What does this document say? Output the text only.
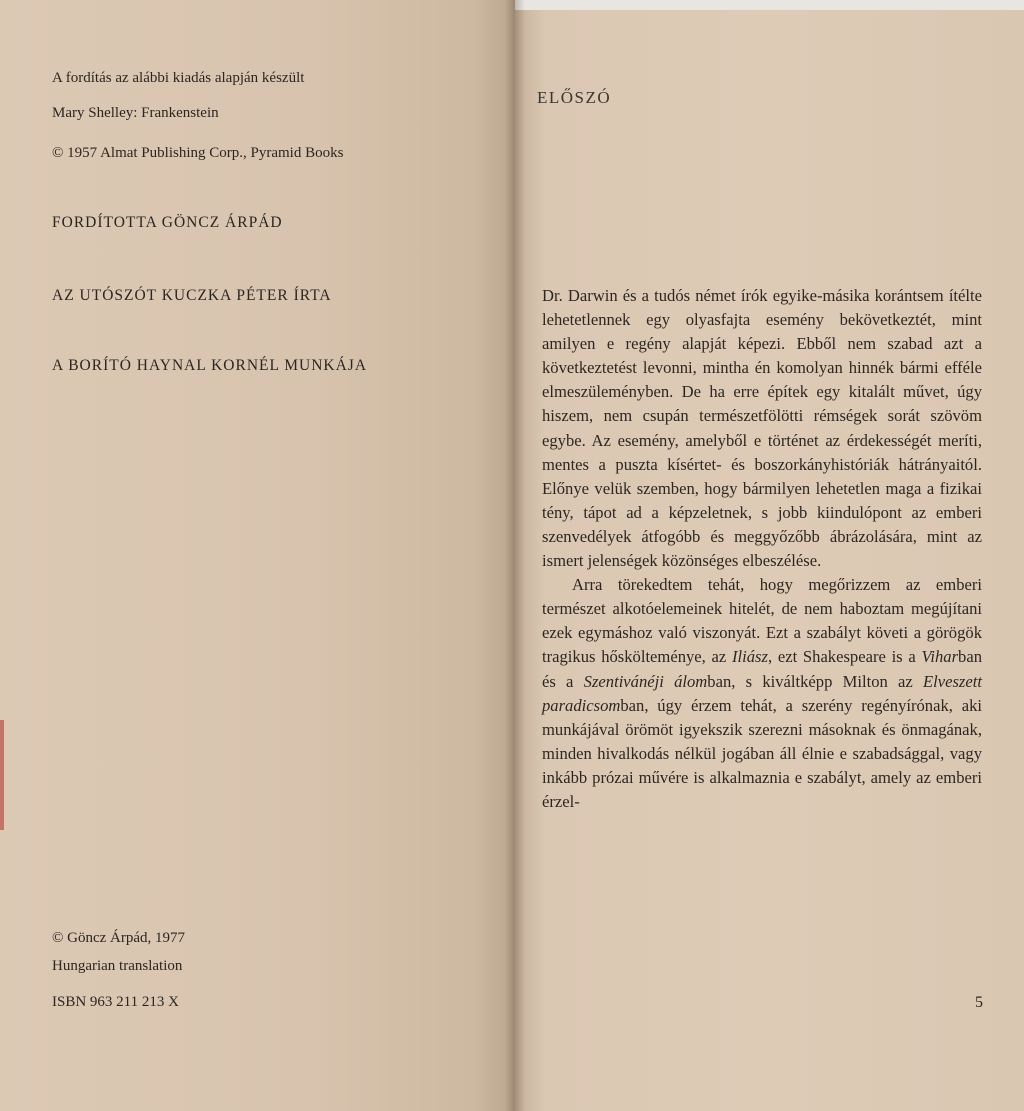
A fordítás az alábbi kiadás alapján készült
Mary Shelley: Frankenstein
© 1957 Almat Publishing Corp., Pyramid Books
FORDÍTOTTA GÖNCZ ÁRPÁD
AZ UTÓSZÓT KUCZKA PÉTER ÍRTA
A BORÍTÓ HAYNAL KORNÉL MUNKÁJA
© Göncz Árpád, 1977
Hungarian translation
ISBN 963 211 213 X
ELŐSZÓ

Dr. Darwin és a tudós német írók egyike-másika korántsem ítélte lehetetlennek egy olyasfajta esemény bekövetkeztét, mint amilyen e regény alapját képezi. Ebből nem szabad azt a következtetést levonni, mintha én komolyan hinnék bármi efféle elmeszüleményben. De ha erre építek egy kitalált művet, úgy hiszem, nem csupán természetfölötti rémségek sorát szövöm egybe. Az esemény, amelyből e történet az érdekességét meríti, mentes a puszta kísértet- és boszorkányhistóriák hátrányaitól. Előnye velük szemben, hogy bármilyen lehetetlen maga a fizikai tény, tápot ad a képzeletnek, s jobb kiindulópont az emberi szenvedélyek átfogóbb és meggyőzőbb ábrázolására, mint az ismert jelenségek közönséges elbeszélése.

Arra törekedtem tehát, hogy megőrizzem az emberi természet alkotóelemeinek hitelét, de nem haboztam megújítani ezek egymáshoz való viszonyát. Ezt a szabályt követi a görögök tragikus hőskölteménye, az Iliász, ezt Shakespeare is a Viharban és a Szentivánéji álomban, s kiváltképp Milton az Elveszett paradicsomban, úgy érzem tehát, a szerény regényírónak, aki munkájával örömöt igyekszik szerezni másoknak és önmagának, minden hivalkodás nélkül jogában áll élnie e szabadsággal, vagy inkább prózai művére is alkalmaznia e szabályt, amely az emberi érzel-

5
